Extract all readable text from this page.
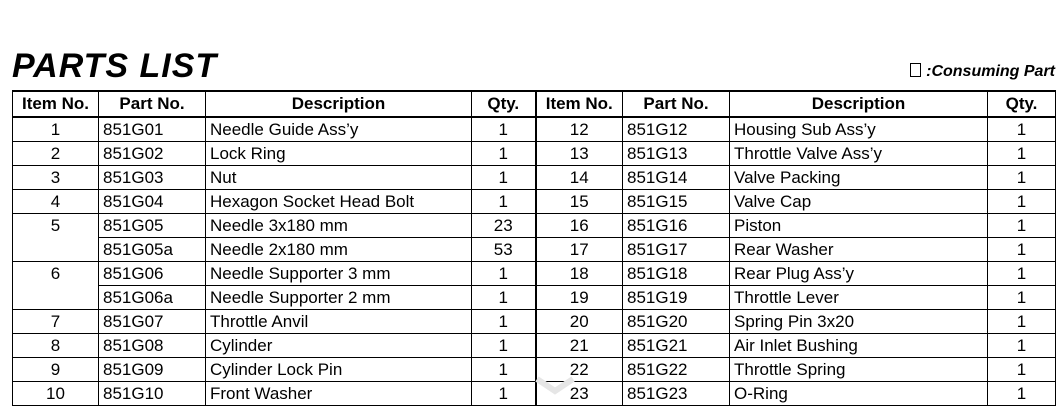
PARTS LIST	:Consuming Part
Item No.	Part No.	Description	Qty.	Item No.	Part No.	Description	Qty.
1	851G01	Needle Guide Ass’y	1	12	851G12	Housing Sub Ass’y	1
2	851G02	Lock Ring	1	13	851G13	Throttle Valve Ass’y	1
3	851G03	Nut	1	14	851G14	Valve Packing	1
4	851G04	Hexagon Socket Head Bolt	1	15	851G15	Valve Cap	1
5	851G05	Needle 3x180 mm	23	16	851G16	Piston	1
	851G05a	Needle 2x180 mm	53	17	851G17	Rear Washer	1
6	851G06	Needle Supporter 3 mm	1	18	851G18	Rear Plug Ass’y	1
	851G06a	Needle Supporter 2 mm	1	19	851G19	Throttle Lever	1
7	851G07	Throttle Anvil	1	20	851G20	Spring Pin 3x20	1
8	851G08	Cylinder	1	21	851G21	Air Inlet Bushing	1
9	851G09	Cylinder Lock Pin	1	22	851G22	Throttle Spring	1
10	851G10	Front Washer	1	23	851G23	O-Ring	1
